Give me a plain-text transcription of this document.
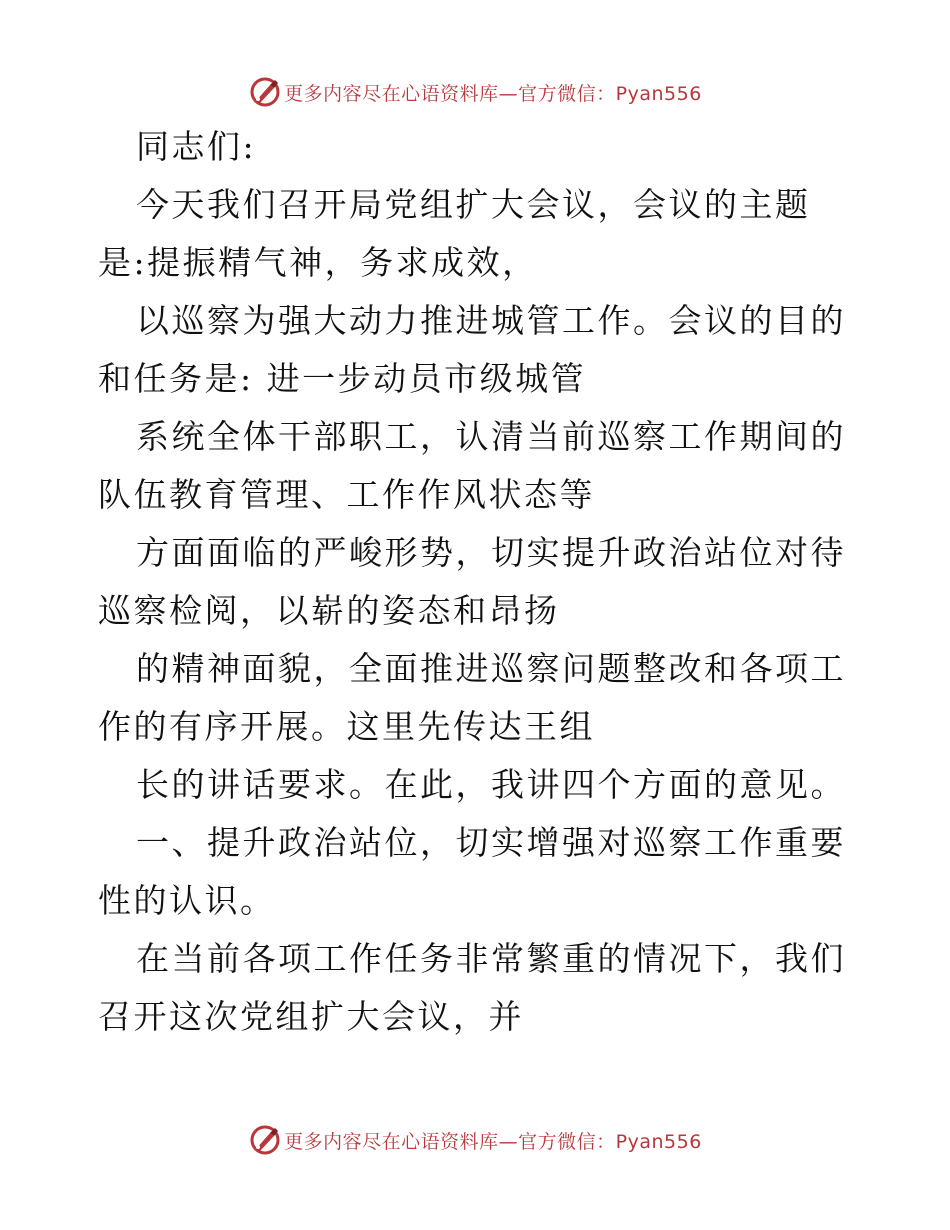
更多内容尽在心语资料库—官方微信：Pyan556

同志们:

今天我们召开局党组扩大会议，会议的主题是:提振精气神，务求成效，

以巡察为强大动力推进城管工作。会议的目的和任务是: 进一步动员市级城管

系统全体干部职工，认清当前巡察工作期间的队伍教育管理、工作作风状态等

方面面临的严峻形势，切实提升政治站位对待巡察检阅，以崭的姿态和昂扬

的精神面貌，全面推进巡察问题整改和各项工作的有序开展。这里先传达王组

长的讲话要求。在此，我讲四个方面的意见。

一、提升政治站位，切实增强对巡察工作重要性的认识。

在当前各项工作任务非常繁重的情况下，我们召开这次党组扩大会议，并

更多内容尽在心语资料库—官方微信：Pyan556
